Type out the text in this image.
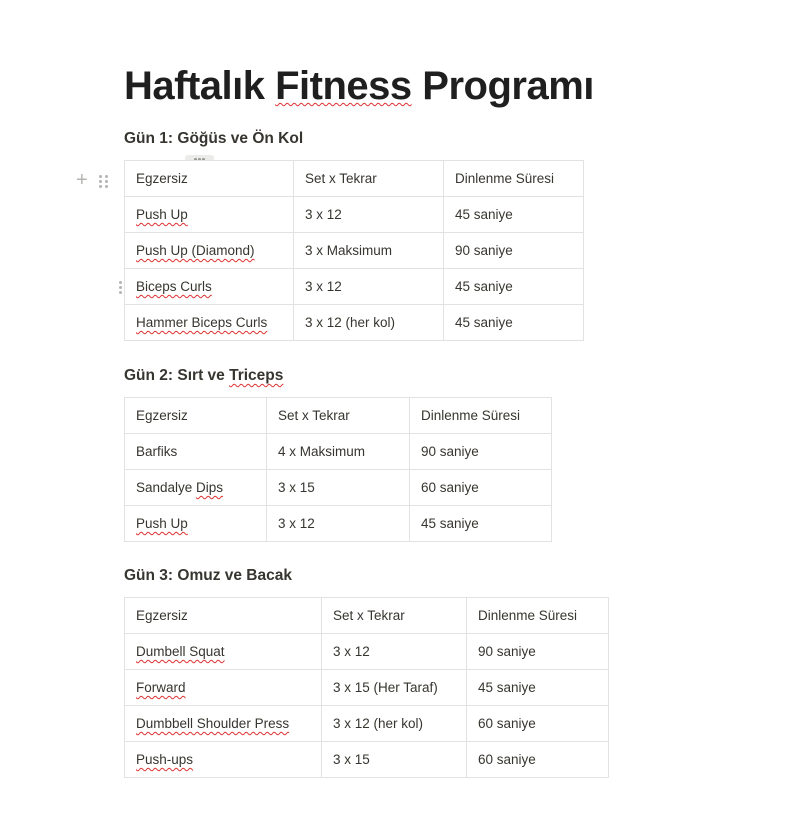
Haftalık Fitness Programı
+
Gün 1: Göğüs ve Ön Kol
Egzersiz	Set x Tekrar	Dinlenme Süresi
Push Up	3 x 12	45 saniye
Push Up (Diamond)	3 x Maksimum	90 saniye
Biceps Curls	3 x 12	45 saniye
Hammer Biceps Curls	3 x 12 (her kol)	45 saniye
Gün 2: Sırt ve Triceps
Egzersiz	Set x Tekrar	Dinlenme Süresi
Barfiks	4 x Maksimum	90 saniye
Sandalye Dips	3 x 15	60 saniye
Push Up	3 x 12	45 saniye
Gün 3: Omuz ve Bacak
Egzersiz	Set x Tekrar	Dinlenme Süresi
Dumbell Squat	3 x 12	90 saniye
Forward	3 x 15 (Her Taraf)	45 saniye
Dumbbell Shoulder Press	3 x 12 (her kol)	60 saniye
Push-ups	3 x 15	60 saniye
